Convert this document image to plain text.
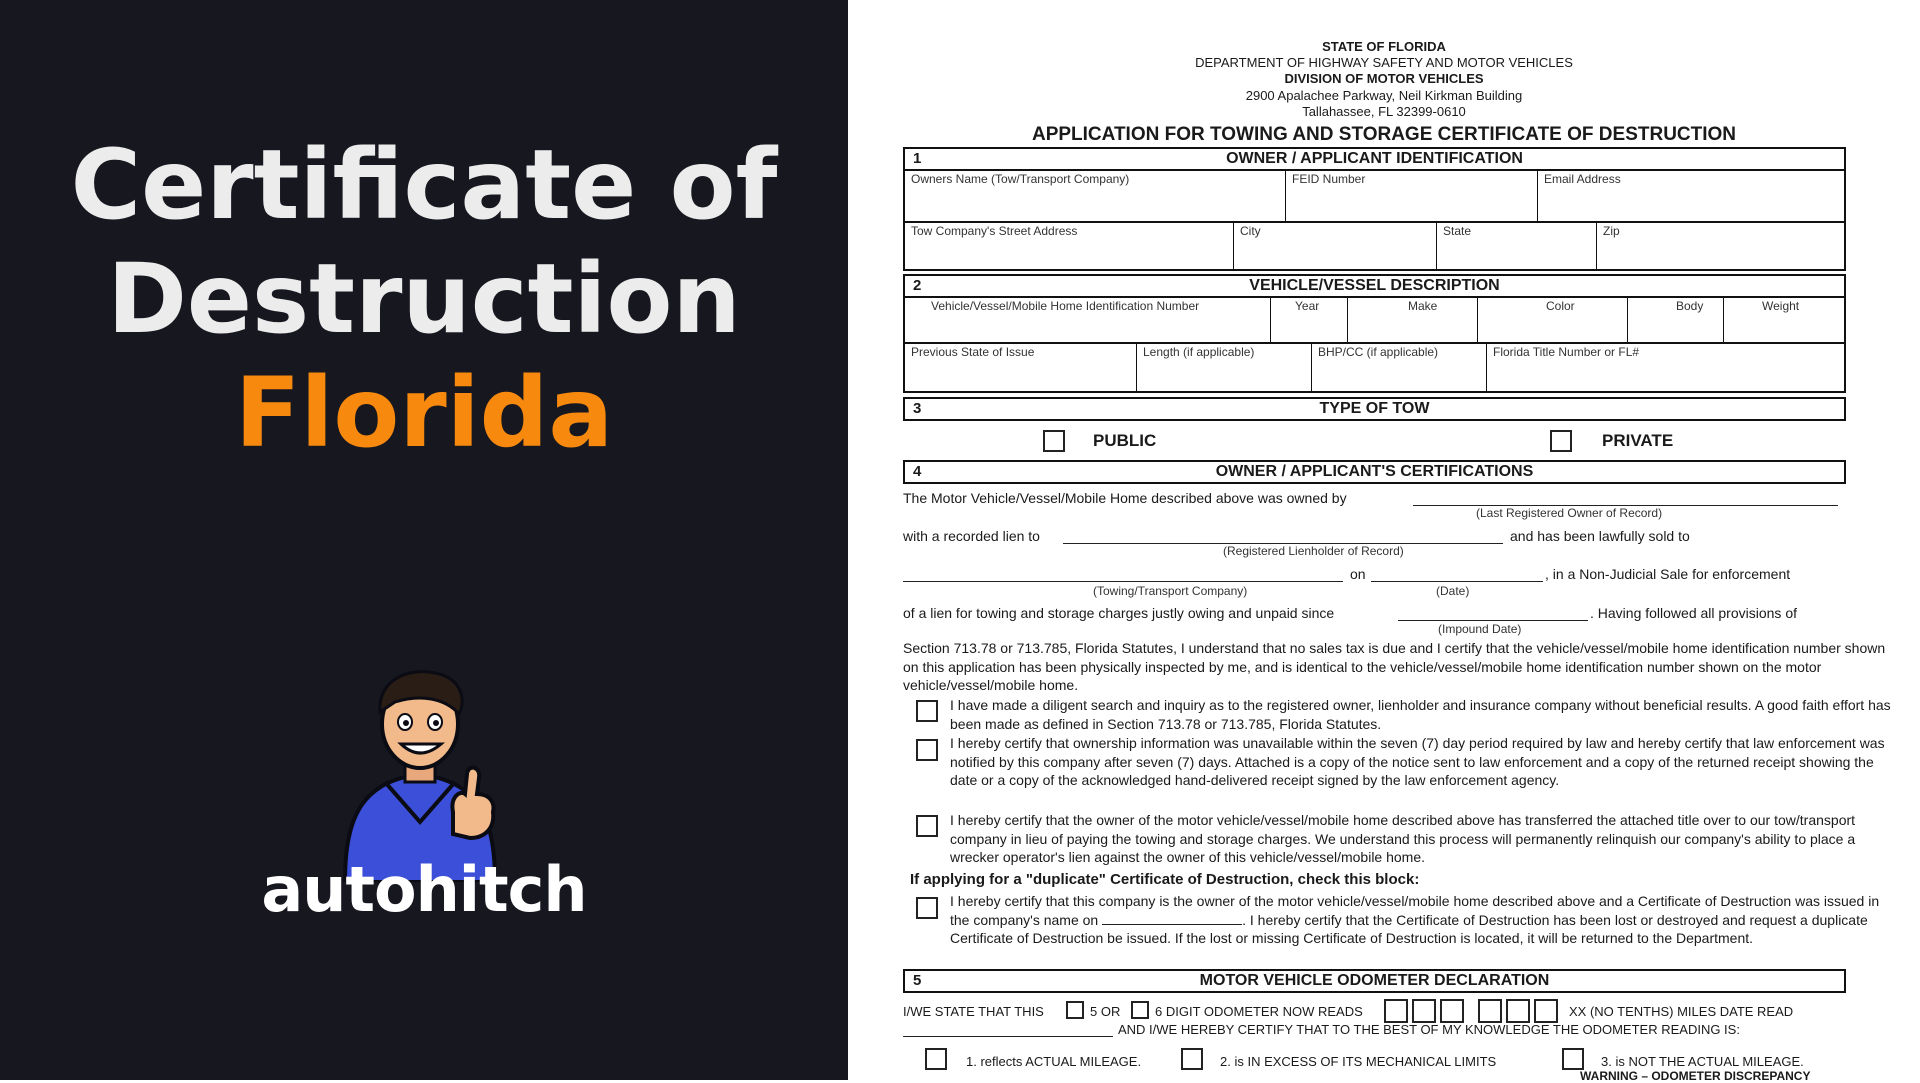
Certificate of
Destruction
Florida
autohitch
STATE OF FLORIDA
DEPARTMENT OF HIGHWAY SAFETY AND MOTOR VEHICLES
DIVISION OF MOTOR VEHICLES
2900 Apalachee Parkway, Neil Kirkman Building
Tallahassee, FL 32399-0610
APPLICATION FOR TOWING AND STORAGE CERTIFICATE OF DESTRUCTION
1	OWNER / APPLICANT IDENTIFICATION
Owners Name (Tow/Transport Company)	FEID Number	Email Address
Tow Company's Street Address	City	State	Zip
2	VEHICLE/VESSEL DESCRIPTION
Vehicle/Vessel/Mobile Home Identification Number	Year	Make	Color	Body	Weight
Previous State of Issue	Length (if applicable)	BHP/CC (if applicable)	Florida Title Number or FL#
3	TYPE OF TOW
PUBLIC	PRIVATE
4	OWNER / APPLICANT'S CERTIFICATIONS
The Motor Vehicle/Vessel/Mobile Home described above was owned by
(Last Registered Owner of Record)
with a recorded lien to	and has been lawfully sold to
(Registered Lienholder of Record)
on	, in a Non-Judicial Sale for enforcement
(Towing/Transport Company)	(Date)
of a lien for towing and storage charges justly owing and unpaid since	. Having followed all provisions of
(Impound Date)
Section 713.78 or 713.785, Florida Statutes, I understand that no sales tax is due and I certify that the vehicle/vessel/mobile home identification number shown on this application has been physically inspected by me, and is identical to the vehicle/vessel/mobile home identification number shown on the motor vehicle/vessel/mobile home.
I have made a diligent search and inquiry as to the registered owner, lienholder and insurance company without beneficial results. A good faith effort has been made as defined in Section 713.78 or 713.785, Florida Statutes.
I hereby certify that ownership information was unavailable within the seven (7) day period required by law and hereby certify that law enforcement was notified by this company after seven (7) days. Attached is a copy of the notice sent to law enforcement and a copy of the returned receipt showing the date or a copy of the acknowledged hand-delivered receipt signed by the law enforcement agency.
I hereby certify that the owner of the motor vehicle/vessel/mobile home described above has transferred the attached title over to our tow/transport company in lieu of paying the towing and storage charges. We understand this process will permanently relinquish our company's ability to place a wrecker operator's lien against the owner of this vehicle/vessel/mobile home.
If applying for a "duplicate" Certificate of Destruction, check this block:
I hereby certify that this company is the owner of the motor vehicle/vessel/mobile home described above and a Certificate of Destruction was issued in the company's name on	. I hereby certify that the Certificate of Destruction has been lost or destroyed and request a duplicate Certificate of Destruction be issued. If the lost or missing Certificate of Destruction is located, it will be returned to the Department.
5	MOTOR VEHICLE ODOMETER DECLARATION
I/WE STATE THAT THIS	5 OR	6 DIGIT ODOMETER NOW READS	XX (NO TENTHS) MILES DATE READ
AND I/WE HEREBY CERTIFY THAT TO THE BEST OF MY KNOWLEDGE THE ODOMETER READING IS:
1. reflects ACTUAL MILEAGE.	2. is IN EXCESS OF ITS MECHANICAL LIMITS	3. is NOT THE ACTUAL MILEAGE.
WARNING – ODOMETER DISCREPANCY
